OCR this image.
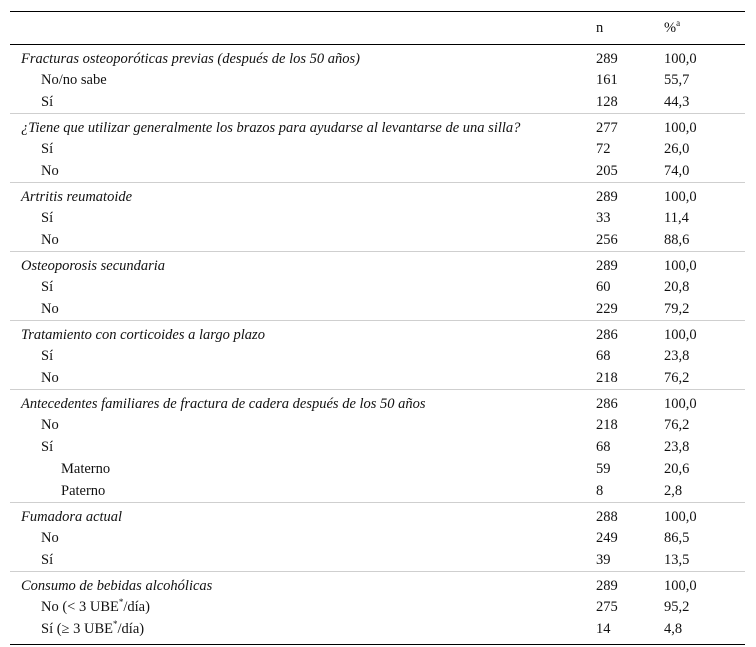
	n	%$^a$
Fracturas osteoporóticas previas (después de los 50 años)	289	100,0
No/no sabe	161	55,7
Sí	128	44,3
¿Tiene que utilizar generalmente los brazos para ayudarse al levantarse de una silla?	277	100,0
Sí	72	26,0
No	205	74,0
Artritis reumatoide	289	100,0
Sí	33	11,4
No	256	88,6
Osteoporosis secundaria	289	100,0
Sí	60	20,8
No	229	79,2
Tratamiento con corticoides a largo plazo	286	100,0
Sí	68	23,8
No	218	76,2
Antecedentes familiares de fractura de cadera después de los 50 años	286	100,0
No	218	76,2
Sí	68	23,8
Materno	59	20,6
Paterno	8	2,8
Fumadora actual	288	100,0
No	249	86,5
Sí	39	13,5
Consumo de bebidas alcohólicas	289	100,0
No (< 3 UBE*/día)	275	95,2
Sí (≥ 3 UBE*/día)	14	4,8
